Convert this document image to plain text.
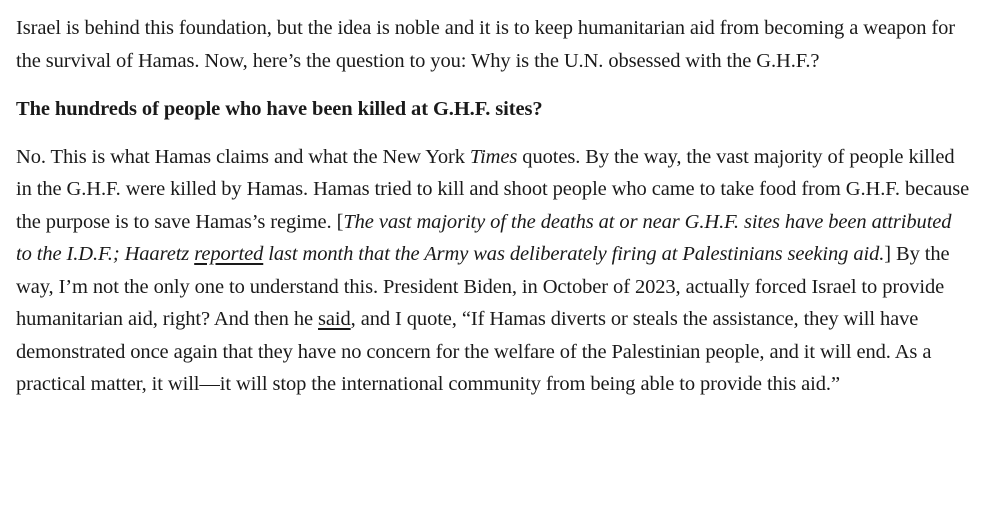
Israel is behind this foundation, but the idea is noble and it is to keep humanitarian aid from becoming a weapon for the survival of Hamas. Now, here’s the question to you: Why is the U.N. obsessed with the G.H.F.?

The hundreds of people who have been killed at G.H.F. sites?

No. This is what Hamas claims and what the New York Times quotes. By the way, the vast majority of people killed in the G.H.F. were killed by Hamas. Hamas tried to kill and shoot people who came to take food from G.H.F. because the purpose is to save Hamas’s regime. [The vast majority of the deaths at or near G.H.F. sites have been attributed to the I.D.F.; Haaretz reported last month that the Army was deliberately firing at Palestinians seeking aid.] By the way, I’m not the only one to understand this. President Biden, in October of 2023, actually forced Israel to provide humanitarian aid, right? And then he said, and I quote, “If Hamas diverts or steals the assistance, they will have demonstrated once again that they have no concern for the welfare of the Palestinian people, and it will end. As a practical matter, it will—it will stop the international community from being able to provide this aid.”
